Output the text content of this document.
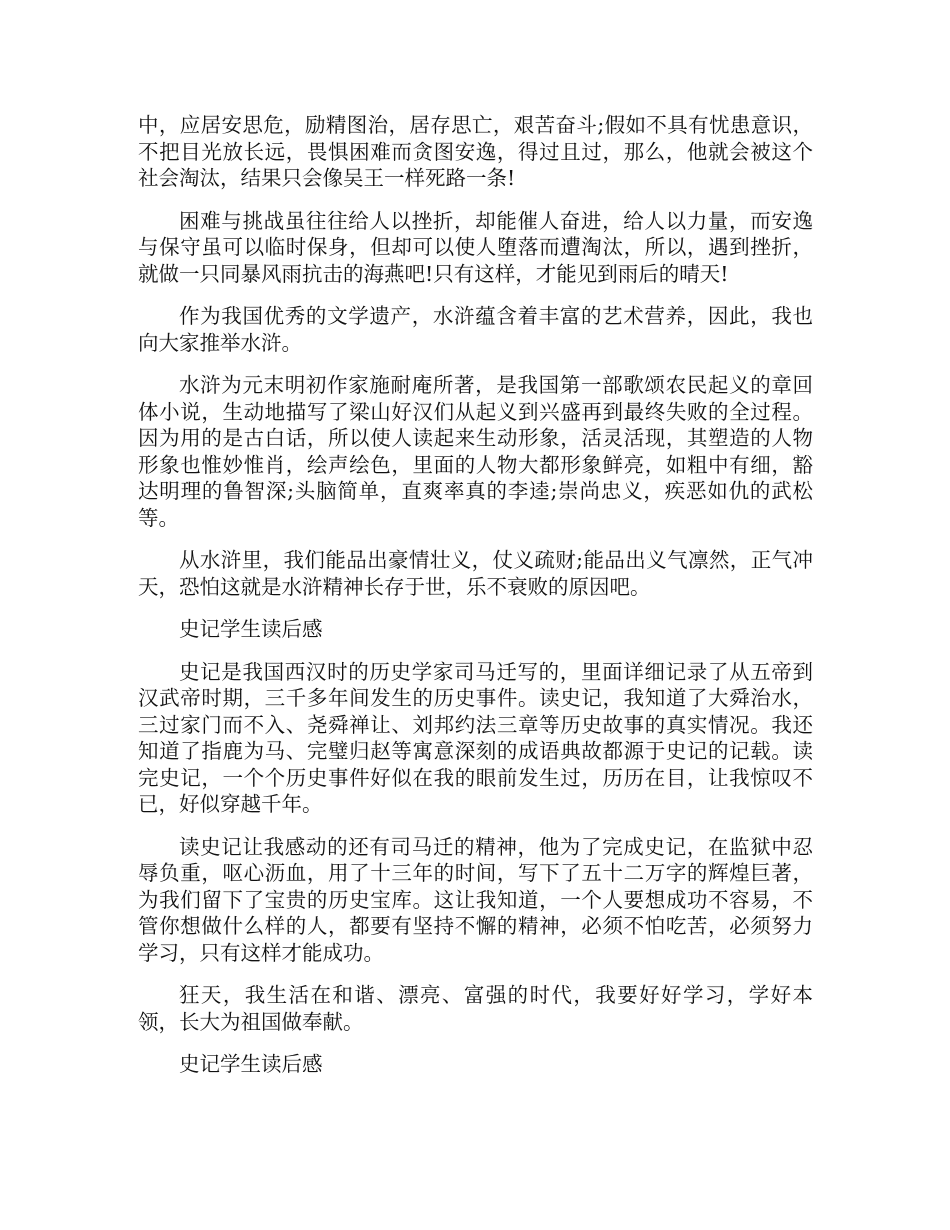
中，应居安思危，励精图治，居存思亡，艰苦奋斗;假如不具有忧患意识，不把目光放长远，畏惧困难而贪图安逸，得过且过，那么，他就会被这个社会淘汰，结果只会像吴王一样死路一条!

困难与挑战虽往往给人以挫折，却能催人奋进，给人以力量，而安逸与保守虽可以临时保身，但却可以使人堕落而遭淘汰，所以，遇到挫折，就做一只同暴风雨抗击的海燕吧!只有这样，才能见到雨后的晴天!

作为我国优秀的文学遗产，水浒蕴含着丰富的艺术营养，因此，我也向大家推举水浒。

水浒为元末明初作家施耐庵所著，是我国第一部歌颂农民起义的章回体小说，生动地描写了梁山好汉们从起义到兴盛再到最终失败的全过程。因为用的是古白话，所以使人读起来生动形象，活灵活现，其塑造的人物形象也惟妙惟肖，绘声绘色，里面的人物大都形象鲜亮，如粗中有细，豁达明理的鲁智深;头脑简单，直爽率真的李逵;崇尚忠义，疾恶如仇的武松等。

从水浒里，我们能品出豪情壮义，仗义疏财;能品出义气凛然，正气冲天，恐怕这就是水浒精神长存于世，乐不衰败的原因吧。

史记学生读后感

史记是我国西汉时的历史学家司马迁写的，里面详细记录了从五帝到汉武帝时期，三千多年间发生的历史事件。读史记，我知道了大舜治水，三过家门而不入、尧舜禅让、刘邦约法三章等历史故事的真实情况。我还知道了指鹿为马、完璧归赵等寓意深刻的成语典故都源于史记的记载。读完史记，一个个历史事件好似在我的眼前发生过，历历在目，让我惊叹不已，好似穿越千年。

读史记让我感动的还有司马迁的精神，他为了完成史记，在监狱中忍辱负重，呕心沥血，用了十三年的时间，写下了五十二万字的辉煌巨著，为我们留下了宝贵的历史宝库。这让我知道，一个人要想成功不容易，不管你想做什么样的人，都要有坚持不懈的精神，必须不怕吃苦，必须努力学习，只有这样才能成功。

狂天，我生活在和谐、漂亮、富强的时代，我要好好学习，学好本领，长大为祖国做奉献。

史记学生读后感
